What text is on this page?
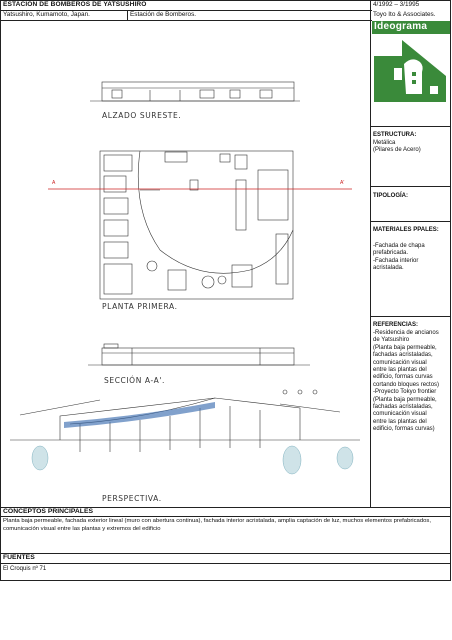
ESTACIÓN DE BOMBEROS DE YATSUSHIRO
Yatsushiro, Kumamoto, Japan.	Estación de Bomberos.
4/1992 – 3/1995
Toyo Ito & Associates.
Ideograma
ESTRUCTURA:
Metálica
(Pilares de Acero)
TIPOLOGÍA:
MATERIALES PPALES:
-Fachada de chapa
prefabricada.
-Fachada interior
acristalada.
REFERENCIAS:
-Residencia de ancianos
de Yatsushiro
(Planta baja permeable,
fachadas acristaladas,
comunicación visual
entre las plantas del
edificio, formas curvas
cortando bloques rectos)
-Proyecto Tokyo frontier
(Planta baja permeable,
fachadas acristaladas,
comunicación visual
entre las plantas del
edificio, formas curvas)
ALZADO SURESTE.
PLANTA PRIMERA.
SECCIÓN A-A'.
PERSPECTIVA.
A	A'
CONCEPTOS PRINCIPALES
Planta baja permeable, fachada exterior lineal (muro con abertura continua), fachada interior acristalada, amplia captación de luz, muchos elementos prefabricados, comunicación visual entre las plantas y extremos del edificio
FUENTES
El Croquis nº 71
